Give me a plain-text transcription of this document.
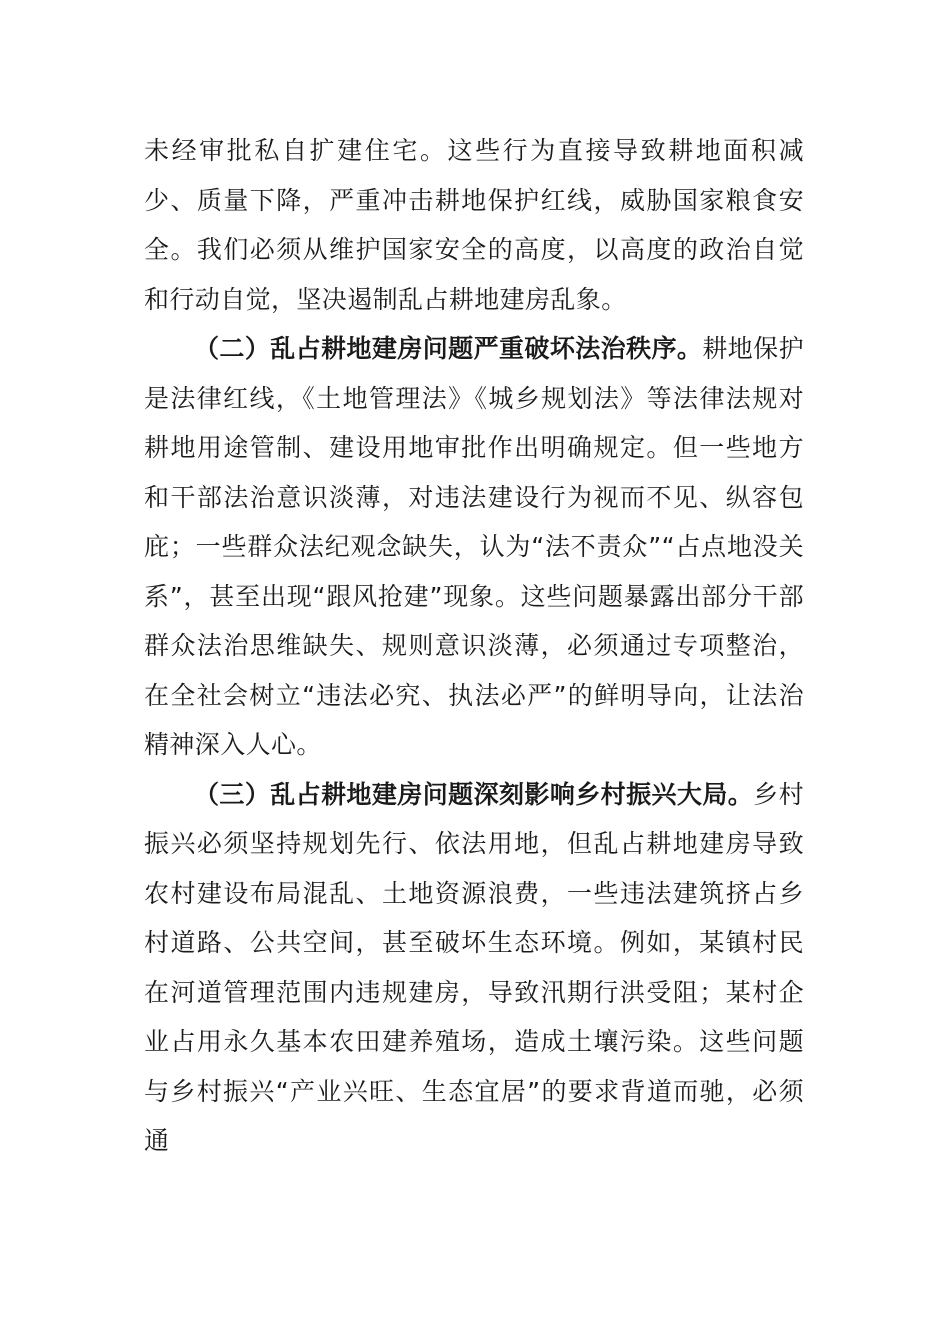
未经审批私自扩建住宅。这些行为直接导致耕地面积减少、质量下降，严重冲击耕地保护红线，威胁国家粮食安全。我们必须从维护国家安全的高度，以高度的政治自觉和行动自觉，坚决遏制乱占耕地建房乱象。

（二）乱占耕地建房问题严重破坏法治秩序。耕地保护是法律红线，《土地管理法》《城乡规划法》等法律法规对耕地用途管制、建设用地审批作出明确规定。但一些地方和干部法治意识淡薄，对违法建设行为视而不见、纵容包庇；一些群众法纪观念缺失，认为“法不责众”“占点地没关系”，甚至出现“跟风抢建”现象。这些问题暴露出部分干部群众法治思维缺失、规则意识淡薄，必须通过专项整治，在全社会树立“违法必究、执法必严”的鲜明导向，让法治精神深入人心。

（三）乱占耕地建房问题深刻影响乡村振兴大局。乡村振兴必须坚持规划先行、依法用地，但乱占耕地建房导致农村建设布局混乱、土地资源浪费，一些违法建筑挤占乡村道路、公共空间，甚至破坏生态环境。例如，某镇村民在河道管理范围内违规建房，导致汛期行洪受阻；某村企业占用永久基本农田建养殖场，造成土壤污染。这些问题与乡村振兴“产业兴旺、生态宜居”的要求背道而驰，必须通
